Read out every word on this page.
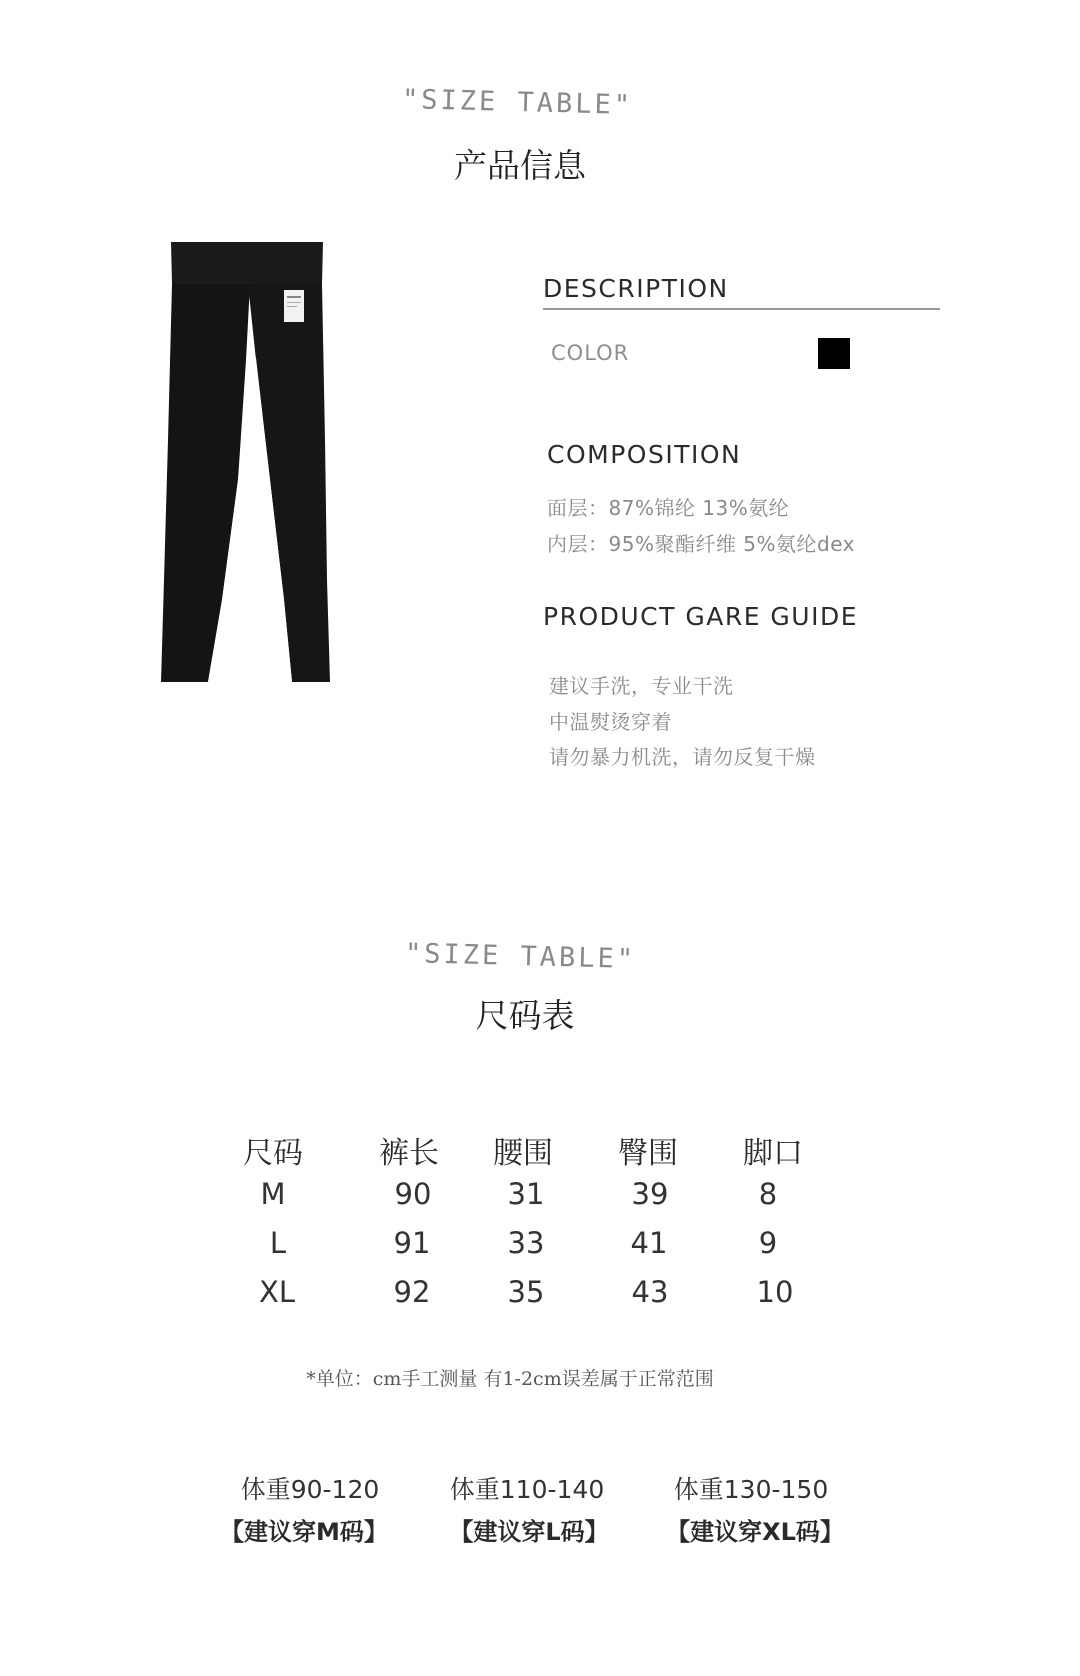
"SIZE TABLE"
产品信息
DESCRIPTION
COLOR
COMPOSITION
面层：87%锦纶 13%氨纶
内层：95%聚酯纤维 5%氨纶dex
PRODUCT GARE GUIDE
建议手洗，专业干洗
中温熨烫穿着
请勿暴力机洗，请勿反复干燥
"SIZE TABLE"
尺码表
尺码	裤长	腰围	臀围	脚口
M	90	31	39	8
L	91	33	41	9
XL	92	35	43	10
*单位：cm手工测量 有1-2cm误差属于正常范围
体重90-120	体重110-140	体重130-150
【建议穿M码】	【建议穿L码】	【建议穿XL码】
